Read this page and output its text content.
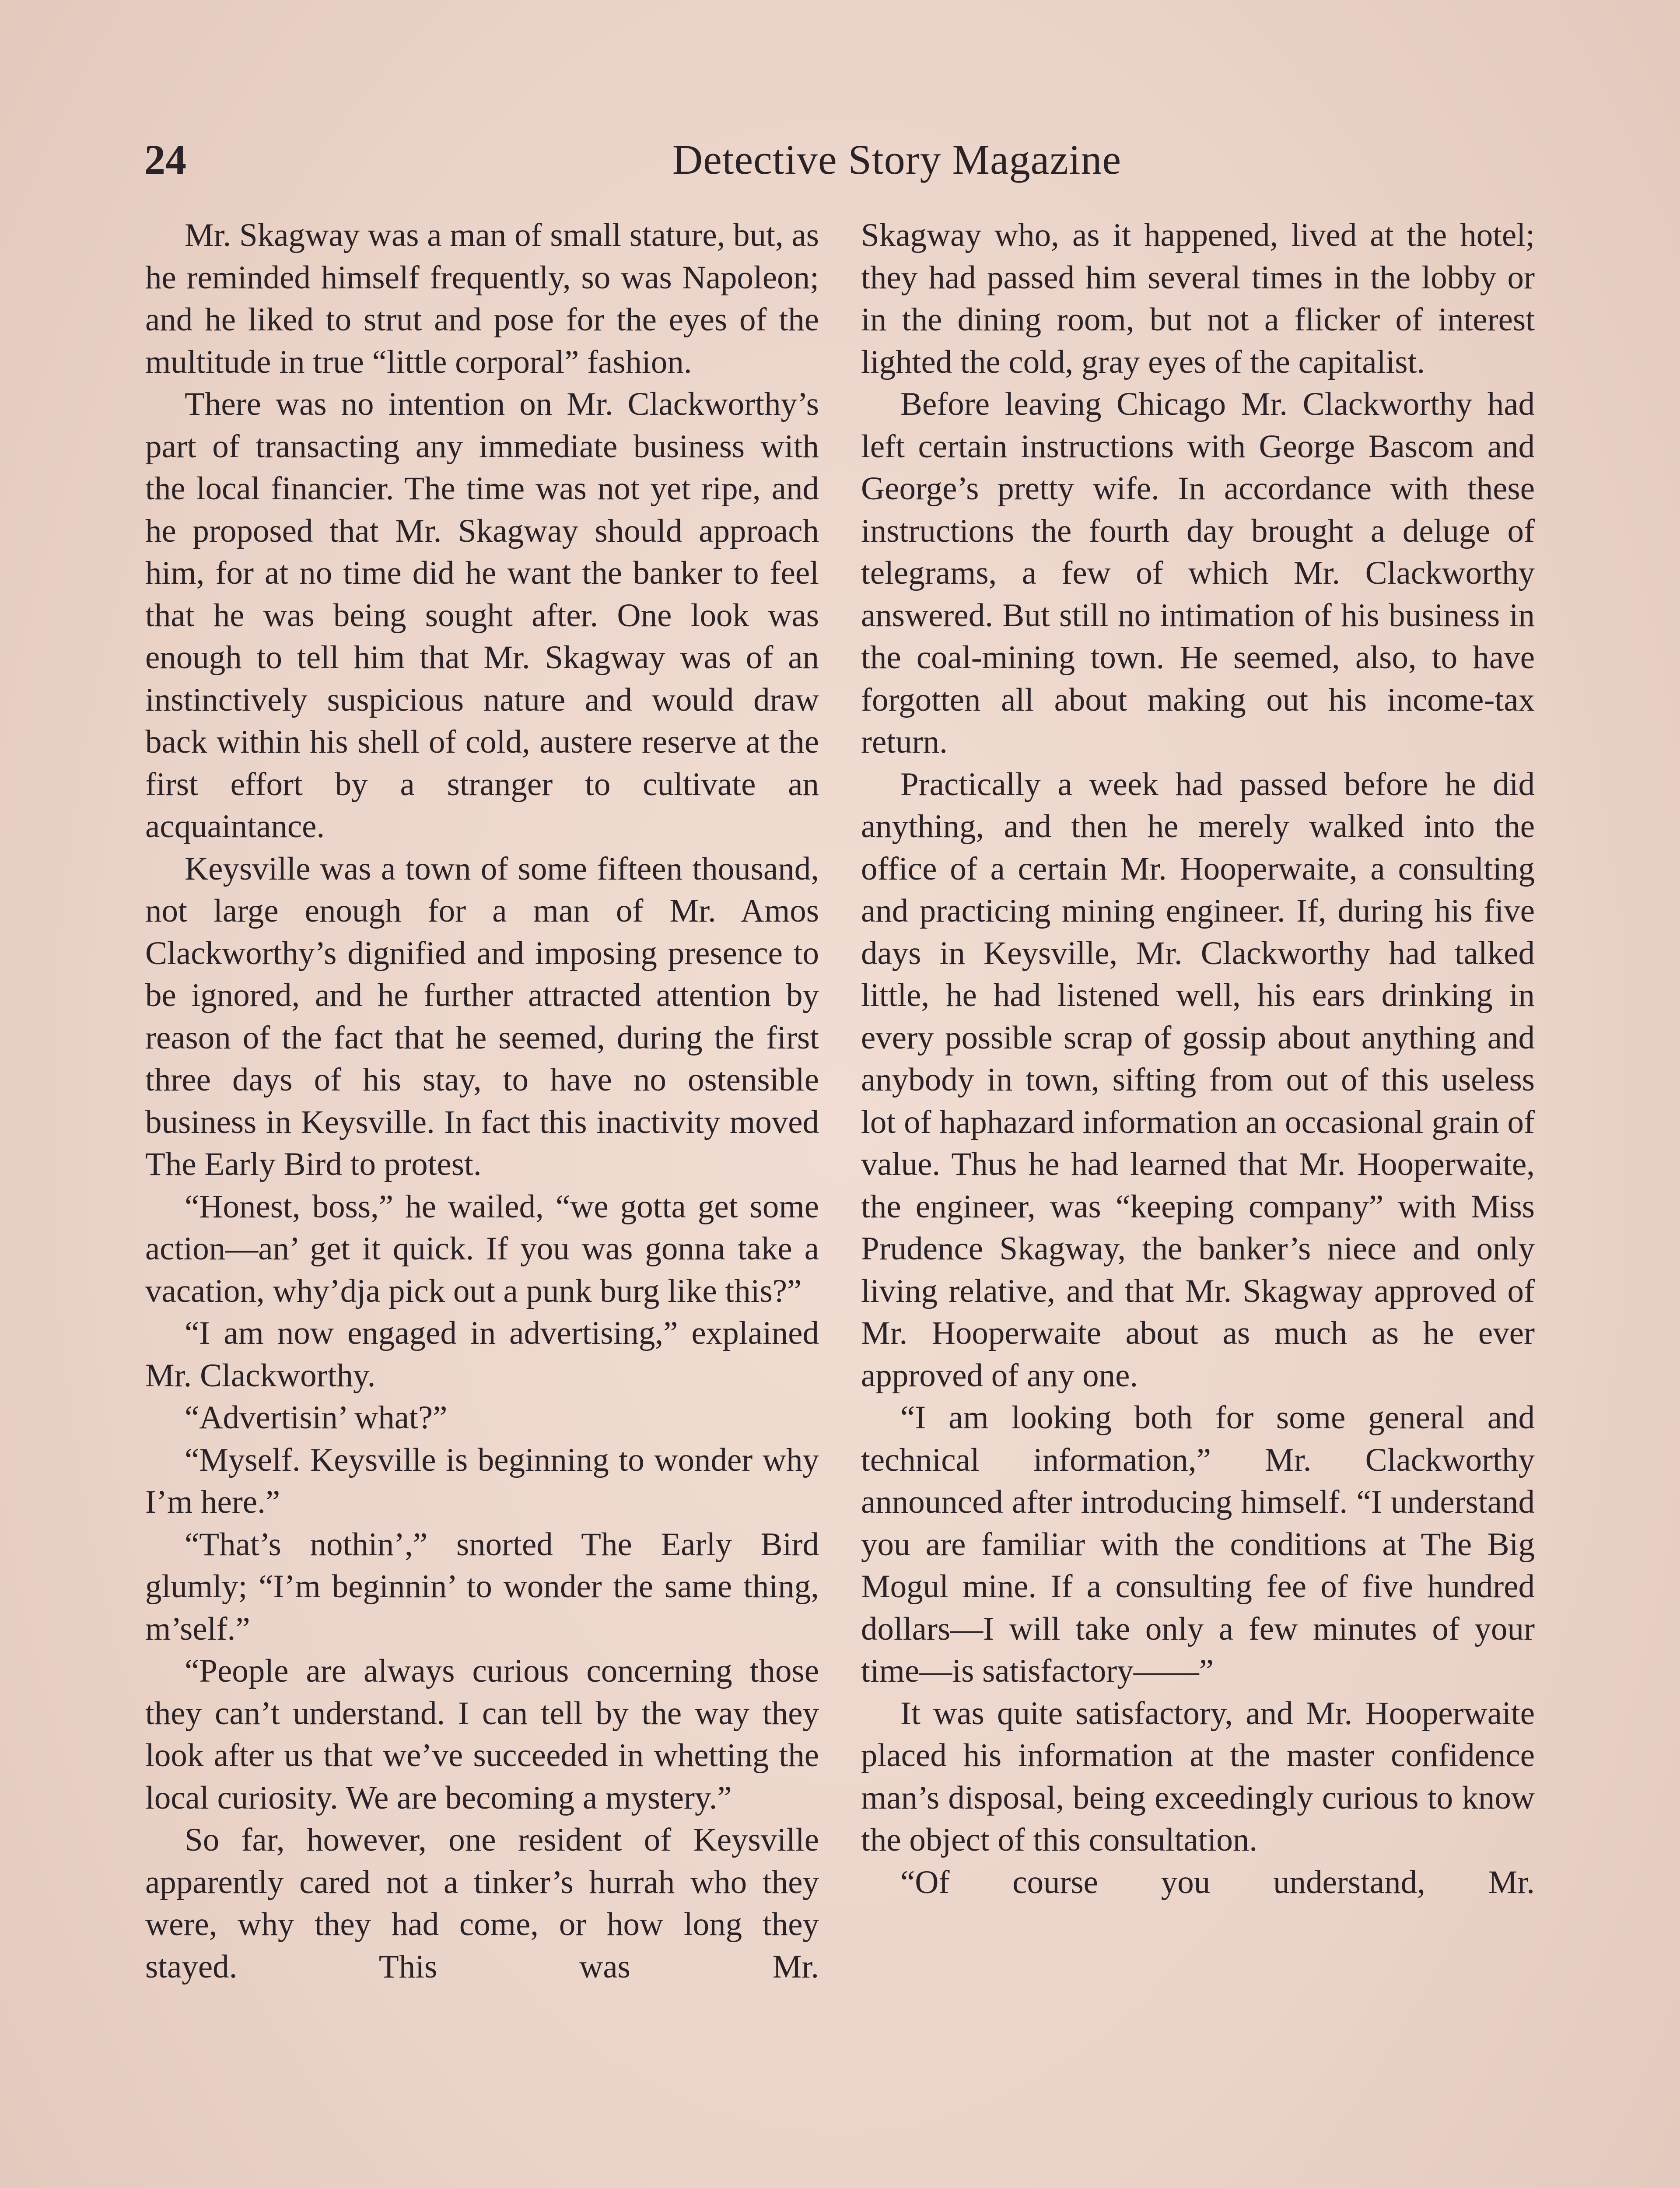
24	Detective Story Magazine

Mr. Skagway was a man of small stature, but, as he reminded himself frequently, so was Napoleon; and he liked to strut and pose for the eyes of the multitude in true “little corporal” fashion.

There was no intention on Mr. Clackworthy’s part of transacting any immediate business with the local financier. The time was not yet ripe, and he proposed that Mr. Skagway should approach him, for at no time did he want the banker to feel that he was being sought after. One look was enough to tell him that Mr. Skagway was of an instinctively suspicious nature and would draw back within his shell of cold, austere reserve at the first effort by a stranger to cultivate an acquaintance.

Keysville was a town of some fifteen thousand, not large enough for a man of Mr. Amos Clackworthy’s dignified and imposing presence to be ignored, and he further attracted attention by reason of the fact that he seemed, during the first three days of his stay, to have no ostensible business in Keysville. In fact this inactivity moved The Early Bird to protest.

“Honest, boss,” he wailed, “we gotta get some action—an’ get it quick. If you was gonna take a vacation, why’dja pick out a punk burg like this?”

“I am now engaged in advertising,” explained Mr. Clackworthy.

“Advertisin’ what?”

“Myself. Keysville is beginning to wonder why I’m here.”

“That’s nothin’,” snorted The Early Bird glumly; “I’m beginnin’ to wonder the same thing, m’self.”

“People are always curious concerning those they can’t understand. I can tell by the way they look after us that we’ve succeeded in whetting the local curiosity. We are becoming a mystery.”

So far, however, one resident of Keysville apparently cared not a tinker’s hurrah who they were, why they had come, or how long they stayed. This was Mr.

Skagway who, as it happened, lived at the hotel; they had passed him several times in the lobby or in the dining room, but not a flicker of interest lighted the cold, gray eyes of the capitalist.

Before leaving Chicago Mr. Clackworthy had left certain instructions with George Bascom and George’s pretty wife. In accordance with these instructions the fourth day brought a deluge of telegrams, a few of which Mr. Clackworthy answered. But still no intimation of his business in the coal-mining town. He seemed, also, to have forgotten all about making out his income-tax return.

Practically a week had passed before he did anything, and then he merely walked into the office of a certain Mr. Hooperwaite, a consulting and practicing mining engineer. If, during his five days in Keysville, Mr. Clackworthy had talked little, he had listened well, his ears drinking in every possible scrap of gossip about anything and anybody in town, sifting from out of this useless lot of haphazard information an occasional grain of value. Thus he had learned that Mr. Hooperwaite, the engineer, was “keeping company” with Miss Prudence Skagway, the banker’s niece and only living relative, and that Mr. Skagway approved of Mr. Hooperwaite about as much as he ever approved of any one.

“I am looking both for some general and technical information,” Mr. Clackworthy announced after introducing himself. “I understand you are familiar with the conditions at The Big Mogul mine. If a consulting fee of five hundred dollars—I will take only a few minutes of your time—is satisfactory——”

It was quite satisfactory, and Mr. Hooperwaite placed his information at the master confidence man’s disposal, being exceedingly curious to know the object of this consultation.

“Of course you understand, Mr.
